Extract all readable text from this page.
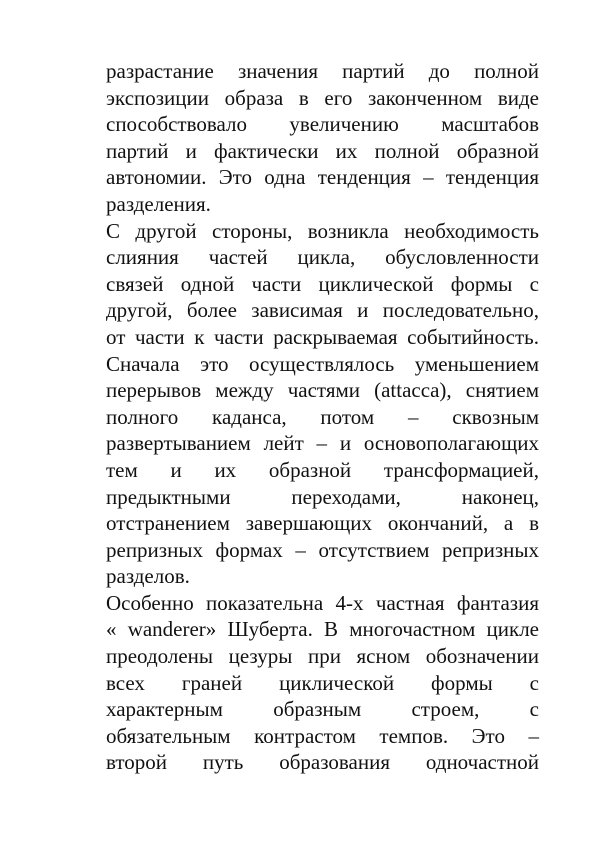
разрастание значения партий до полной
экспозиции образа в его законченном виде
способствовало увеличению масштабов
партий и фактически их полной образной
автономии. Это одна тенденция – тенденция
разделения.
С другой стороны, возникла необходимость
слияния частей цикла, обусловленности
связей одной части циклической формы с
другой, более зависимая и последовательно,
от части к части раскрываемая событийность.
Сначала это осуществлялось уменьшением
перерывов между частями (attacca), снятием
полного каданса, потом – сквозным
развертыванием лейт – и основополагающих
тем и их образной трансформацией,
предыктными переходами, наконец,
отстранением завершающих окончаний, а в
репризных формах – отсутствием репризных
разделов.
Особенно показательна 4-х частная фантазия
« wanderer» Шуберта. В многочастном цикле
преодолены цезуры при ясном обозначении
всех граней циклической формы с
характерным образным строем, с
обязательным контрастом темпов. Это –
второй путь образования одночастной
